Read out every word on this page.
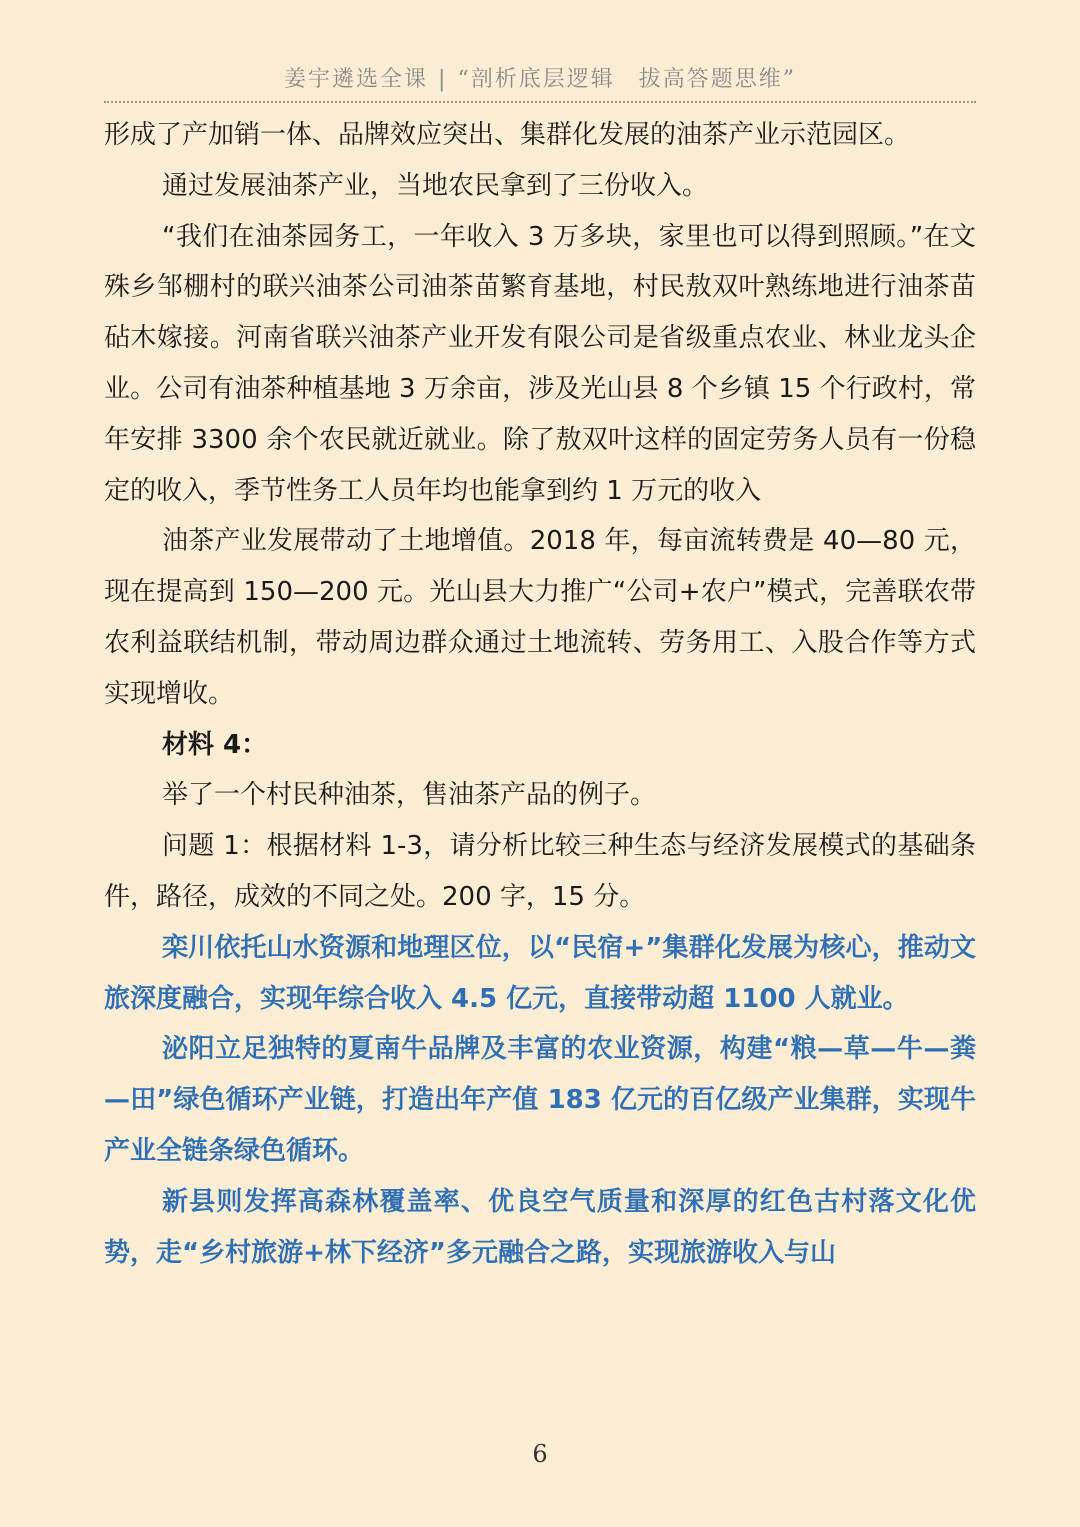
姜宇遴选全课 | “剖析底层逻辑　拔高答题思维”

形成了产加销一体、品牌效应突出、集群化发展的油茶产业示范园区。

通过发展油茶产业，当地农民拿到了三份收入。

“我们在油茶园务工，一年收入 3 万多块，家里也可以得到照顾。”在文殊乡邹棚村的联兴油茶公司油茶苗繁育基地，村民敖双叶熟练地进行油茶苗砧木嫁接。河南省联兴油茶产业开发有限公司是省级重点农业、林业龙头企业。公司有油茶种植基地 3 万余亩，涉及光山县 8 个乡镇 15 个行政村，常年安排 3300 余个农民就近就业。除了敖双叶这样的固定劳务人员有一份稳定的收入，季节性务工人员年均也能拿到约 1 万元的收入

油茶产业发展带动了土地增值。2018 年，每亩流转费是 40—80 元，现在提高到 150—200 元。光山县大力推广“公司+农户”模式，完善联农带农利益联结机制，带动周边群众通过土地流转、劳务用工、入股合作等方式实现增收。

材料 4：

举了一个村民种油茶，售油茶产品的例子。

问题 1：根据材料 1-3，请分析比较三种生态与经济发展模式的基础条件，路径，成效的不同之处。200 字，15 分。

栾川依托山水资源和地理区位，以“民宿+”集群化发展为核心，推动文旅深度融合，实现年综合收入 4.5 亿元，直接带动超 1100 人就业。

泌阳立足独特的夏南牛品牌及丰富的农业资源，构建“粮—草—牛—粪—田”绿色循环产业链，打造出年产值 183 亿元的百亿级产业集群，实现牛产业全链条绿色循环。

新县则发挥高森林覆盖率、优良空气质量和深厚的红色古村落文化优势，走“乡村旅游+林下经济”多元融合之路，实现旅游收入与山

6
